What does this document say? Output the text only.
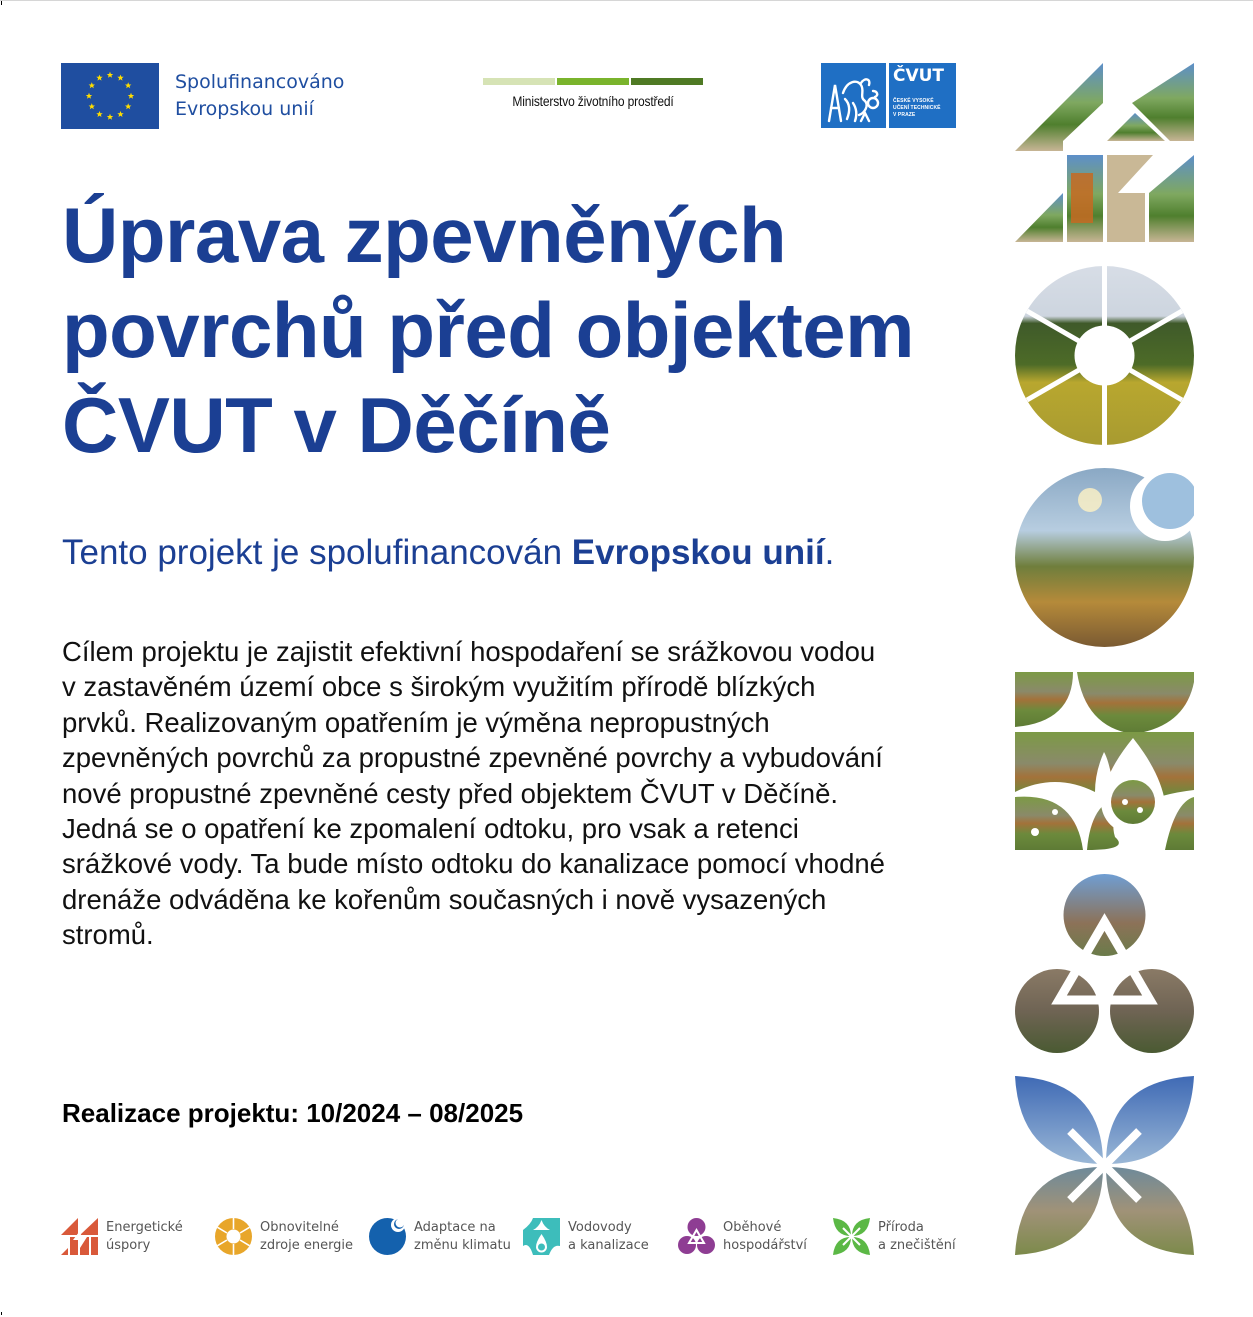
Spolufinancováno
Evropskou unií	Ministerstvo životního prostředí
ČVUT
ČESKÉ VYSOKÉ
UČENÍ TECHNICKÉ
V PRAZE
Úprava zpevněných
povrchů před objektem
ČVUT v Děčíně

Tento projekt je spolufinancován Evropskou unií.

Cílem projektu je zajistit efektivní hospodaření se srážkovou vodou
v zastavěném území obce s širokým využitím přírodě blízkých
prvků. Realizovaným opatřením je výměna nepropustných
zpevněných povrchů za propustné zpevněné povrchy a vybudování
nové propustné zpevněné cesty před objektem ČVUT v Děčíně.
Jedná se o opatření ke zpomalení odtoku, pro vsak a retenci
srážkové vody. Ta bude místo odtoku do kanalizace pomocí vhodné
drenáže odváděna ke kořenům současných i nově vysazených
stromů.

Realizace projektu: 10/2024 – 08/2025

Energetické
úspory
Obnovitelné
zdroje energie
Adaptace na
změnu klimatu
Vodovody
a kanalizace
Oběhové
hospodářství
Příroda
a znečištění
